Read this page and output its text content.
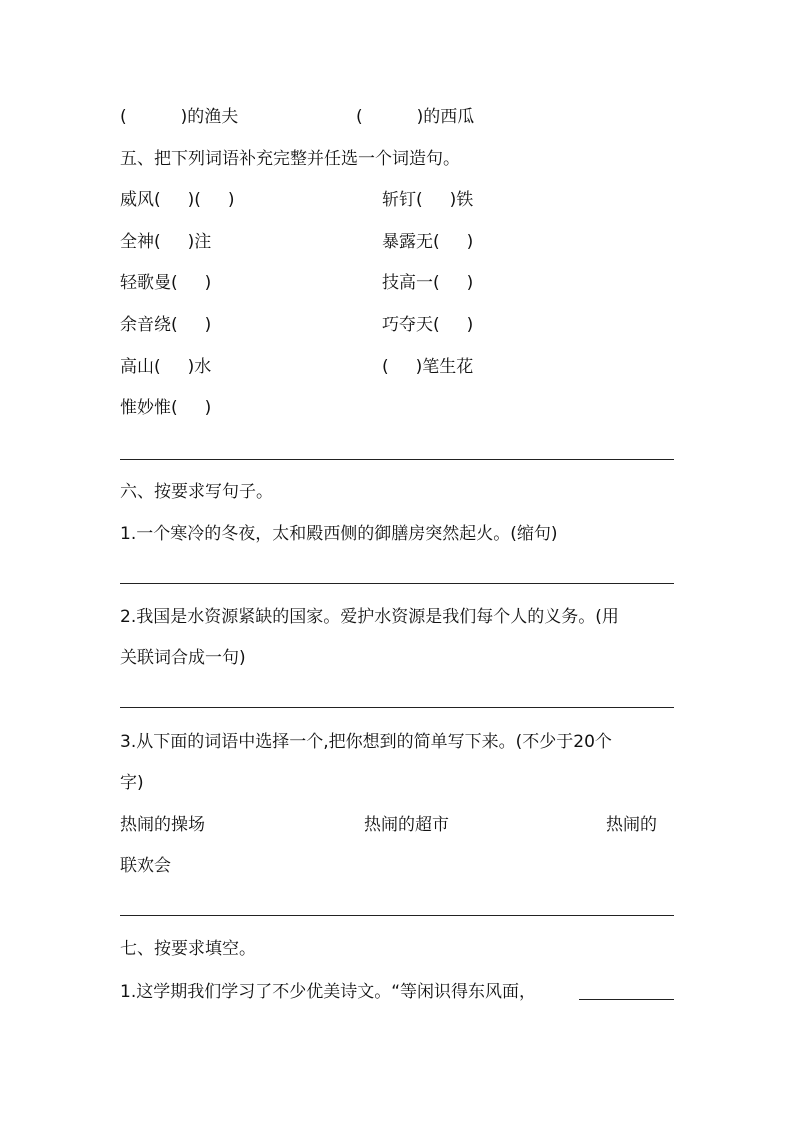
(          )的渔夫	(          )的西瓜
五、把下列词语补充完整并任选一个词造句。
威风(     )(     )	斩钉(     )铁
全神(     )注	暴露无(     )
轻歌曼(     )	技高一(     )
余音绕(     )	巧夺天(     )
高山(     )水	(     )笔生花
惟妙惟(     )
六、按要求写句子。
1.一个寒冷的冬夜，太和殿西侧的御膳房突然起火。(缩句)
2.我国是水资源紧缺的国家。爱护水资源是我们每个人的义务。(用
关联词合成一句)
3.从下面的词语中选择一个,把你想到的简单写下来。(不少于20个
字)
热闹的操场	热闹的超市	热闹的
联欢会
七、按要求填空。
1.这学期我们学习了不少优美诗文。“等闲识得东风面，
